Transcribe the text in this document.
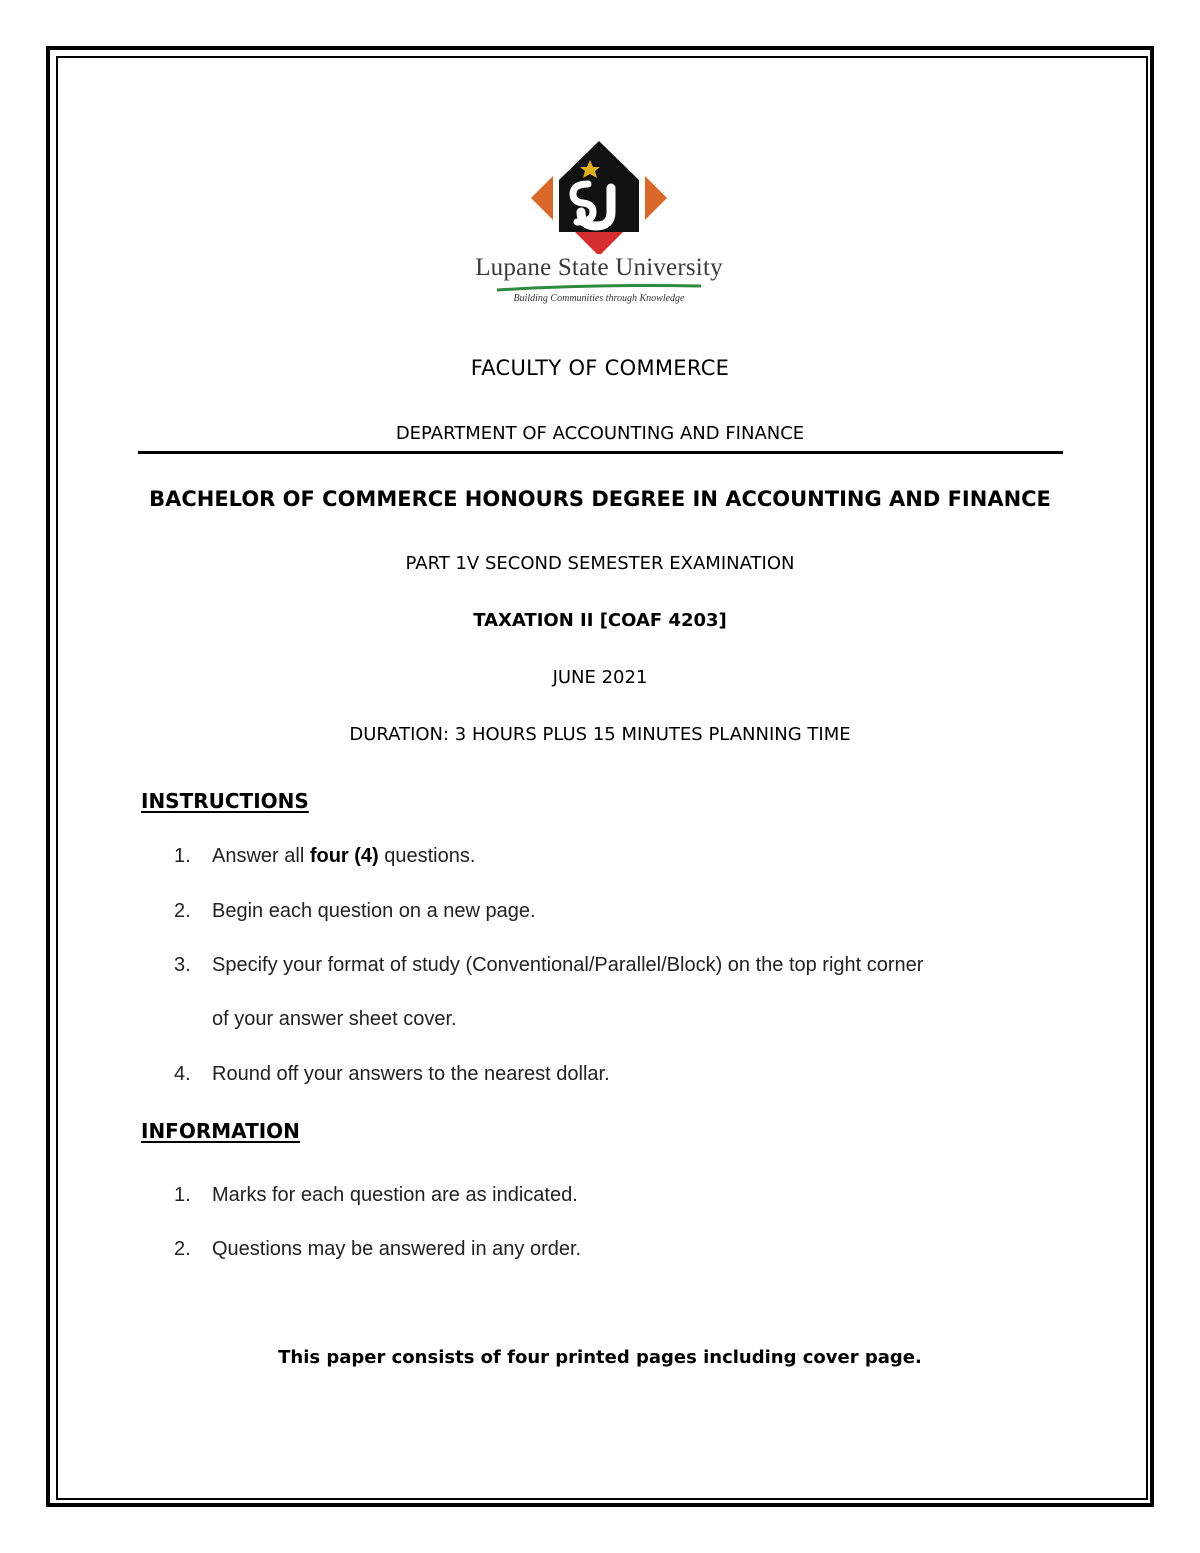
Lupane State University
Building Communities through Knowledge
FACULTY OF COMMERCE
DEPARTMENT OF ACCOUNTING AND FINANCE
BACHELOR OF COMMERCE HONOURS DEGREE IN ACCOUNTING AND FINANCE
PART 1V SECOND SEMESTER EXAMINATION
TAXATION II [COAF 4203]
JUNE 2021
DURATION: 3 HOURS PLUS 15 MINUTES PLANNING TIME
INSTRUCTIONS
1. Answer all four (4) questions.
2. Begin each question on a new page.
3. Specify your format of study (Conventional/Parallel/Block) on the top right corner
of your answer sheet cover.
4. Round off your answers to the nearest dollar.
INFORMATION
1. Marks for each question are as indicated.
2. Questions may be answered in any order.
This paper consists of four printed pages including cover page.
